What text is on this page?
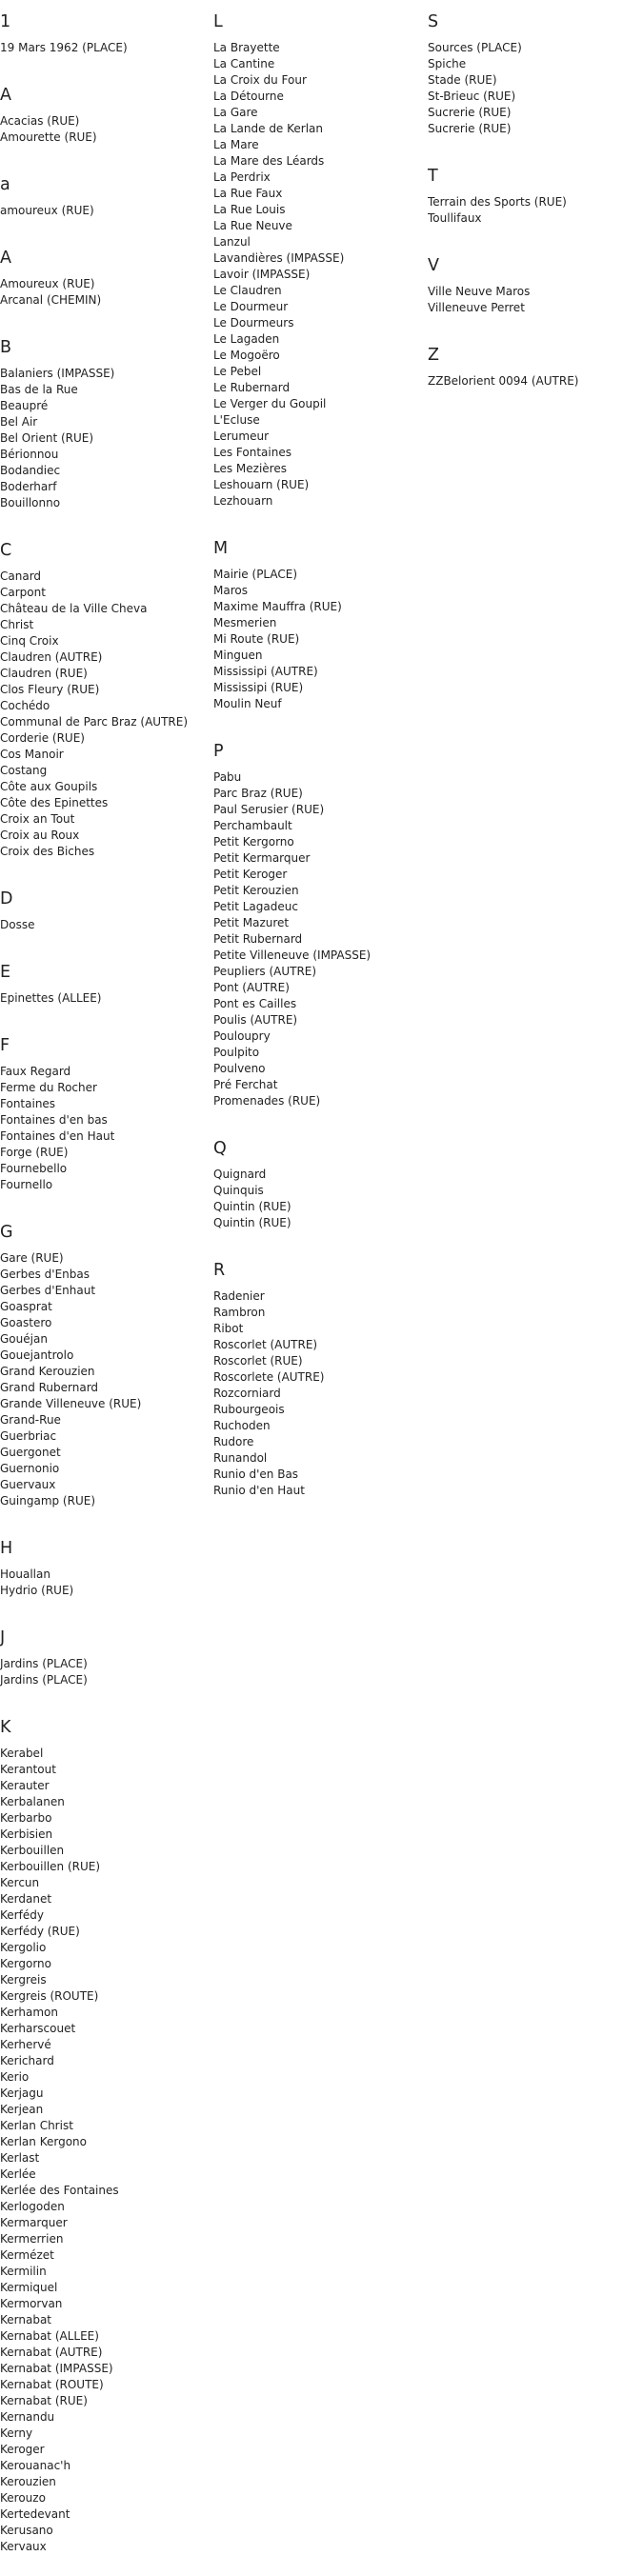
1
19 Mars 1962 (PLACE)
A
Acacias (RUE)
Amourette (RUE)
a
amoureux (RUE)
A
Amoureux (RUE)
Arcanal (CHEMIN)
B
Balaniers (IMPASSE)
Bas de la Rue
Beaupré
Bel Air
Bel Orient (RUE)
Bérionnou
Bodandiec
Boderharf
Bouillonno
C
Canard
Carpont
Château de la Ville Cheva
Christ
Cinq Croix
Claudren (AUTRE)
Claudren (RUE)
Clos Fleury (RUE)
Cochédo
Communal de Parc Braz (AUTRE)
Corderie (RUE)
Cos Manoir
Costang
Côte aux Goupils
Côte des Epinettes
Croix an Tout
Croix au Roux
Croix des Biches
D
Dosse
E
Epinettes (ALLEE)
F
Faux Regard
Ferme du Rocher
Fontaines
Fontaines d'en bas
Fontaines d'en Haut
Forge (RUE)
Fournebello
Fournello
G
Gare (RUE)
Gerbes d'Enbas
Gerbes d'Enhaut
Goasprat
Goastero
Gouéjan
Gouejantrolo
Grand Kerouzien
Grand Rubernard
Grande Villeneuve (RUE)
Grand-Rue
Guerbriac
Guergonet
Guernonio
Guervaux
Guingamp (RUE)
H
Houallan
Hydrio (RUE)
J
Jardins (PLACE)
Jardins (PLACE)
K
Kerabel
Kerantout
Kerauter
Kerbalanen
Kerbarbo
Kerbisien
Kerbouillen
Kerbouillen (RUE)
Kercun
Kerdanet
Kerfédy
Kerfédy (RUE)
Kergolio
Kergorno
Kergreis
Kergreis (ROUTE)
Kerhamon
Kerharscouet
Kerhervé
Kerichard
Kerio
Kerjagu
Kerjean
Kerlan Christ
Kerlan Kergono
Kerlast
Kerlée
Kerlée des Fontaines
Kerlogoden
Kermarquer
Kermerrien
Kermézet
Kermilin
Kermiquel
Kermorvan
Kernabat
Kernabat (ALLEE)
Kernabat (AUTRE)
Kernabat (IMPASSE)
Kernabat (ROUTE)
Kernabat (RUE)
Kernandu
Kerny
Keroger
Kerouanac'h
Kerouzien
Kerouzo
Kertedevant
Kerusano
Kervaux
L
La Brayette
La Cantine
La Croix du Four
La Détourne
La Gare
La Lande de Kerlan
La Mare
La Mare des Léards
La Perdrix
La Rue Faux
La Rue Louis
La Rue Neuve
Lanzul
Lavandières (IMPASSE)
Lavoir (IMPASSE)
Le Claudren
Le Dourmeur
Le Dourmeurs
Le Lagaden
Le Mogoëro
Le Pebel
Le Rubernard
Le Verger du Goupil
L'Ecluse
Lerumeur
Les Fontaines
Les Mezières
Leshouarn (RUE)
Lezhouarn
M
Mairie (PLACE)
Maros
Maxime Mauffra (RUE)
Mesmerien
Mi Route (RUE)
Minguen
Mississipi (AUTRE)
Mississipi (RUE)
Moulin Neuf
P
Pabu
Parc Braz (RUE)
Paul Serusier (RUE)
Perchambault
Petit Kergorno
Petit Kermarquer
Petit Keroger
Petit Kerouzien
Petit Lagadeuc
Petit Mazuret
Petit Rubernard
Petite Villeneuve (IMPASSE)
Peupliers (AUTRE)
Pont (AUTRE)
Pont es Cailles
Poulis (AUTRE)
Pouloupry
Poulpito
Poulveno
Pré Ferchat
Promenades (RUE)
Q
Quignard
Quinquis
Quintin (RUE)
Quintin (RUE)
R
Radenier
Rambron
Ribot
Roscorlet (AUTRE)
Roscorlet (RUE)
Roscorlete (AUTRE)
Rozcorniard
Rubourgeois
Ruchoden
Rudore
Runandol
Runio d'en Bas
Runio d'en Haut
S
Sources (PLACE)
Spiche
Stade (RUE)
St-Brieuc (RUE)
Sucrerie (RUE)
Sucrerie (RUE)
T
Terrain des Sports (RUE)
Toullifaux
V
Ville Neuve Maros
Villeneuve Perret
Z
ZZBelorient 0094 (AUTRE)
